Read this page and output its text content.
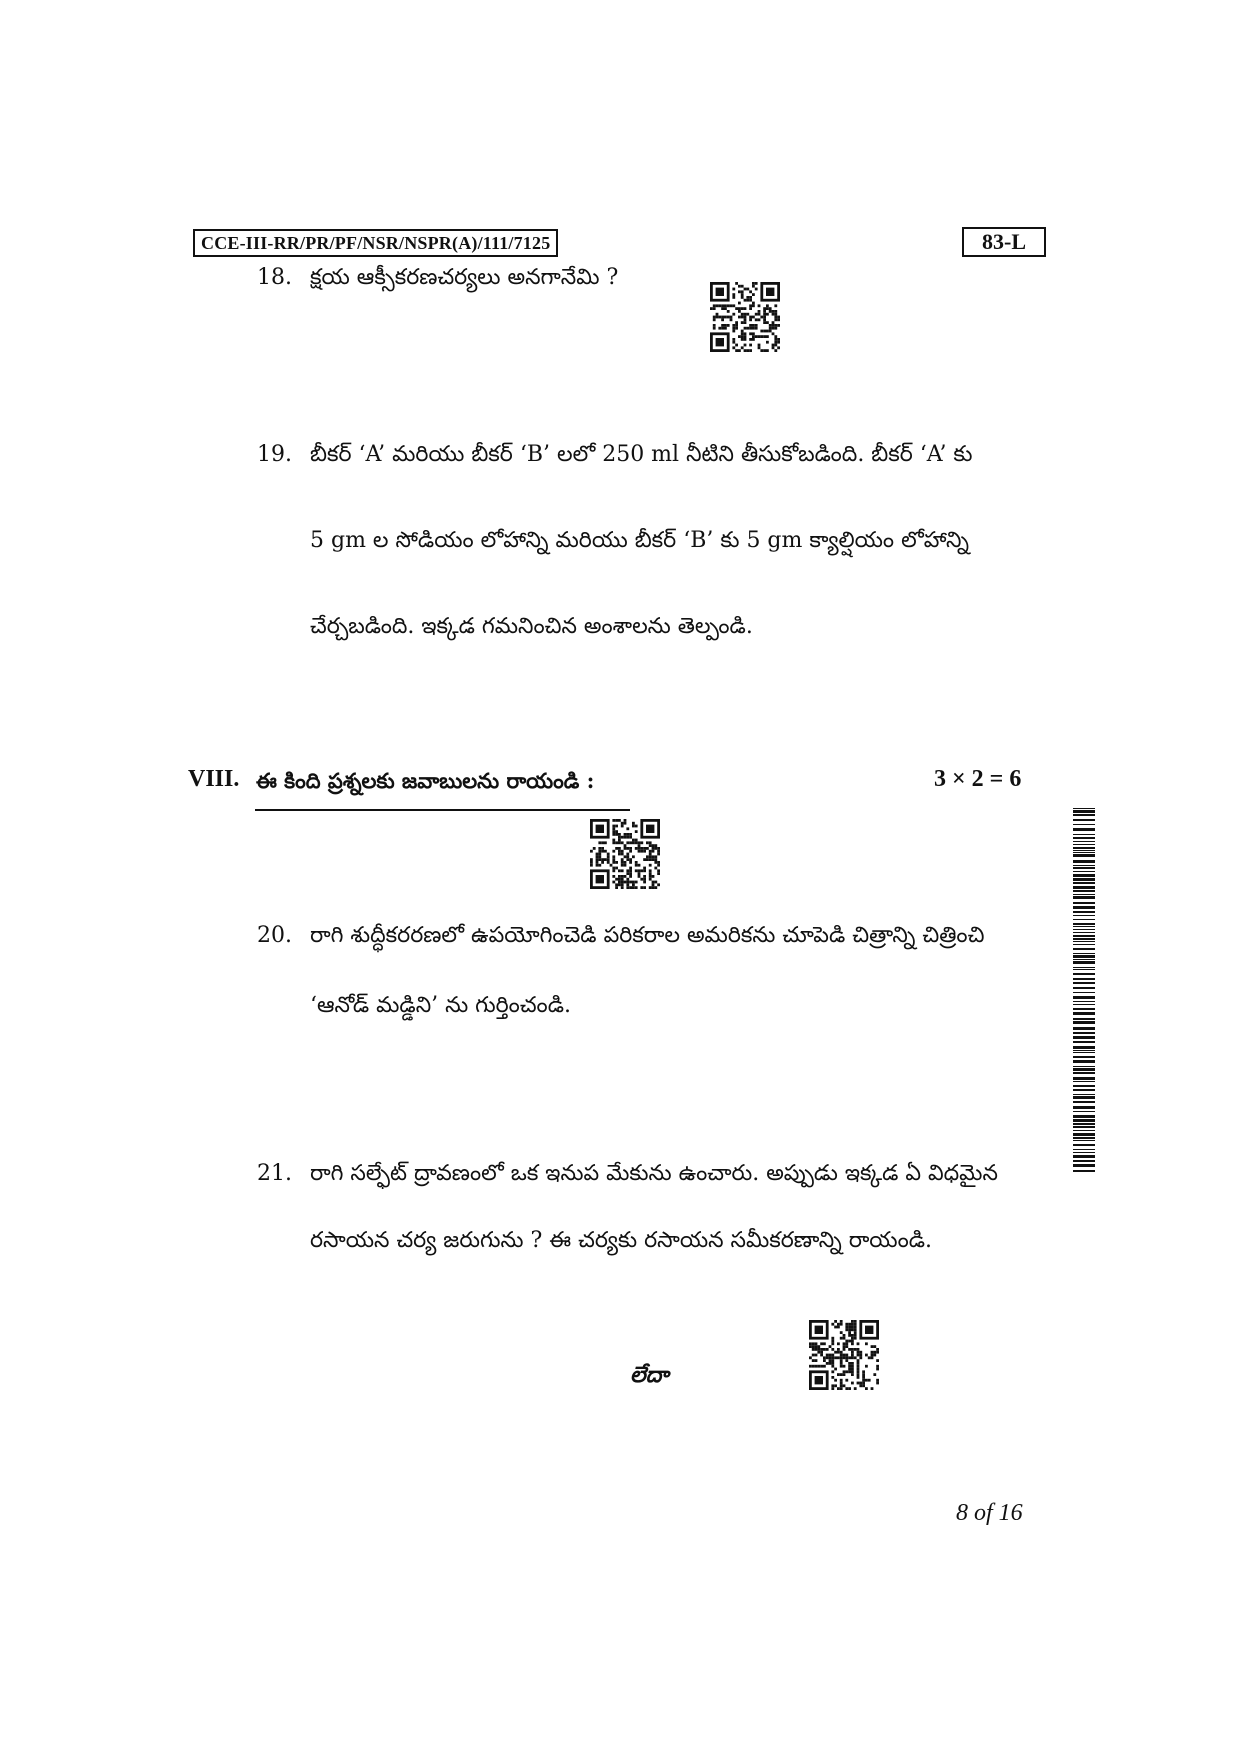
CCE-III-RR/PR/PF/NSR/NSPR(A)/111/7125	83-L
18. క్షయ ఆక్సీకరణచర్యలు అనగానేమి ?
19. బీకర్ ‘A’ మరియు బీకర్ ‘B’ లలో 250 ml నీటిని తీసుకోబడింది. బీకర్ ‘A’ కు
5 gm ల సోడియం లోహాన్ని మరియు బీకర్ ‘B’ కు 5 gm క్యాల్షియం లోహాన్ని
చేర్చబడింది. ఇక్కడ గమనించిన అంశాలను తెల్పండి.
VIII. ఈ కింది ప్రశ్నలకు జవాబులను రాయండి :	3 × 2 = 6
20. రాగి శుద్ధీకరరణలో ఉపయోగించెడి పరికరాల అమరికను చూపెడి చిత్రాన్ని చిత్రించి
‘ఆనోడ్ మడ్డిని’ ను గుర్తించండి.
21. రాగి సల్ఫేట్ ద్రావణంలో ఒక ఇనుప మేకును ఉంచారు. అప్పుడు ఇక్కడ ఏ విధమైన
రసాయన చర్య జరుగును ? ఈ చర్యకు రసాయన సమీకరణాన్ని రాయండి.
లేదా
8 of 16
